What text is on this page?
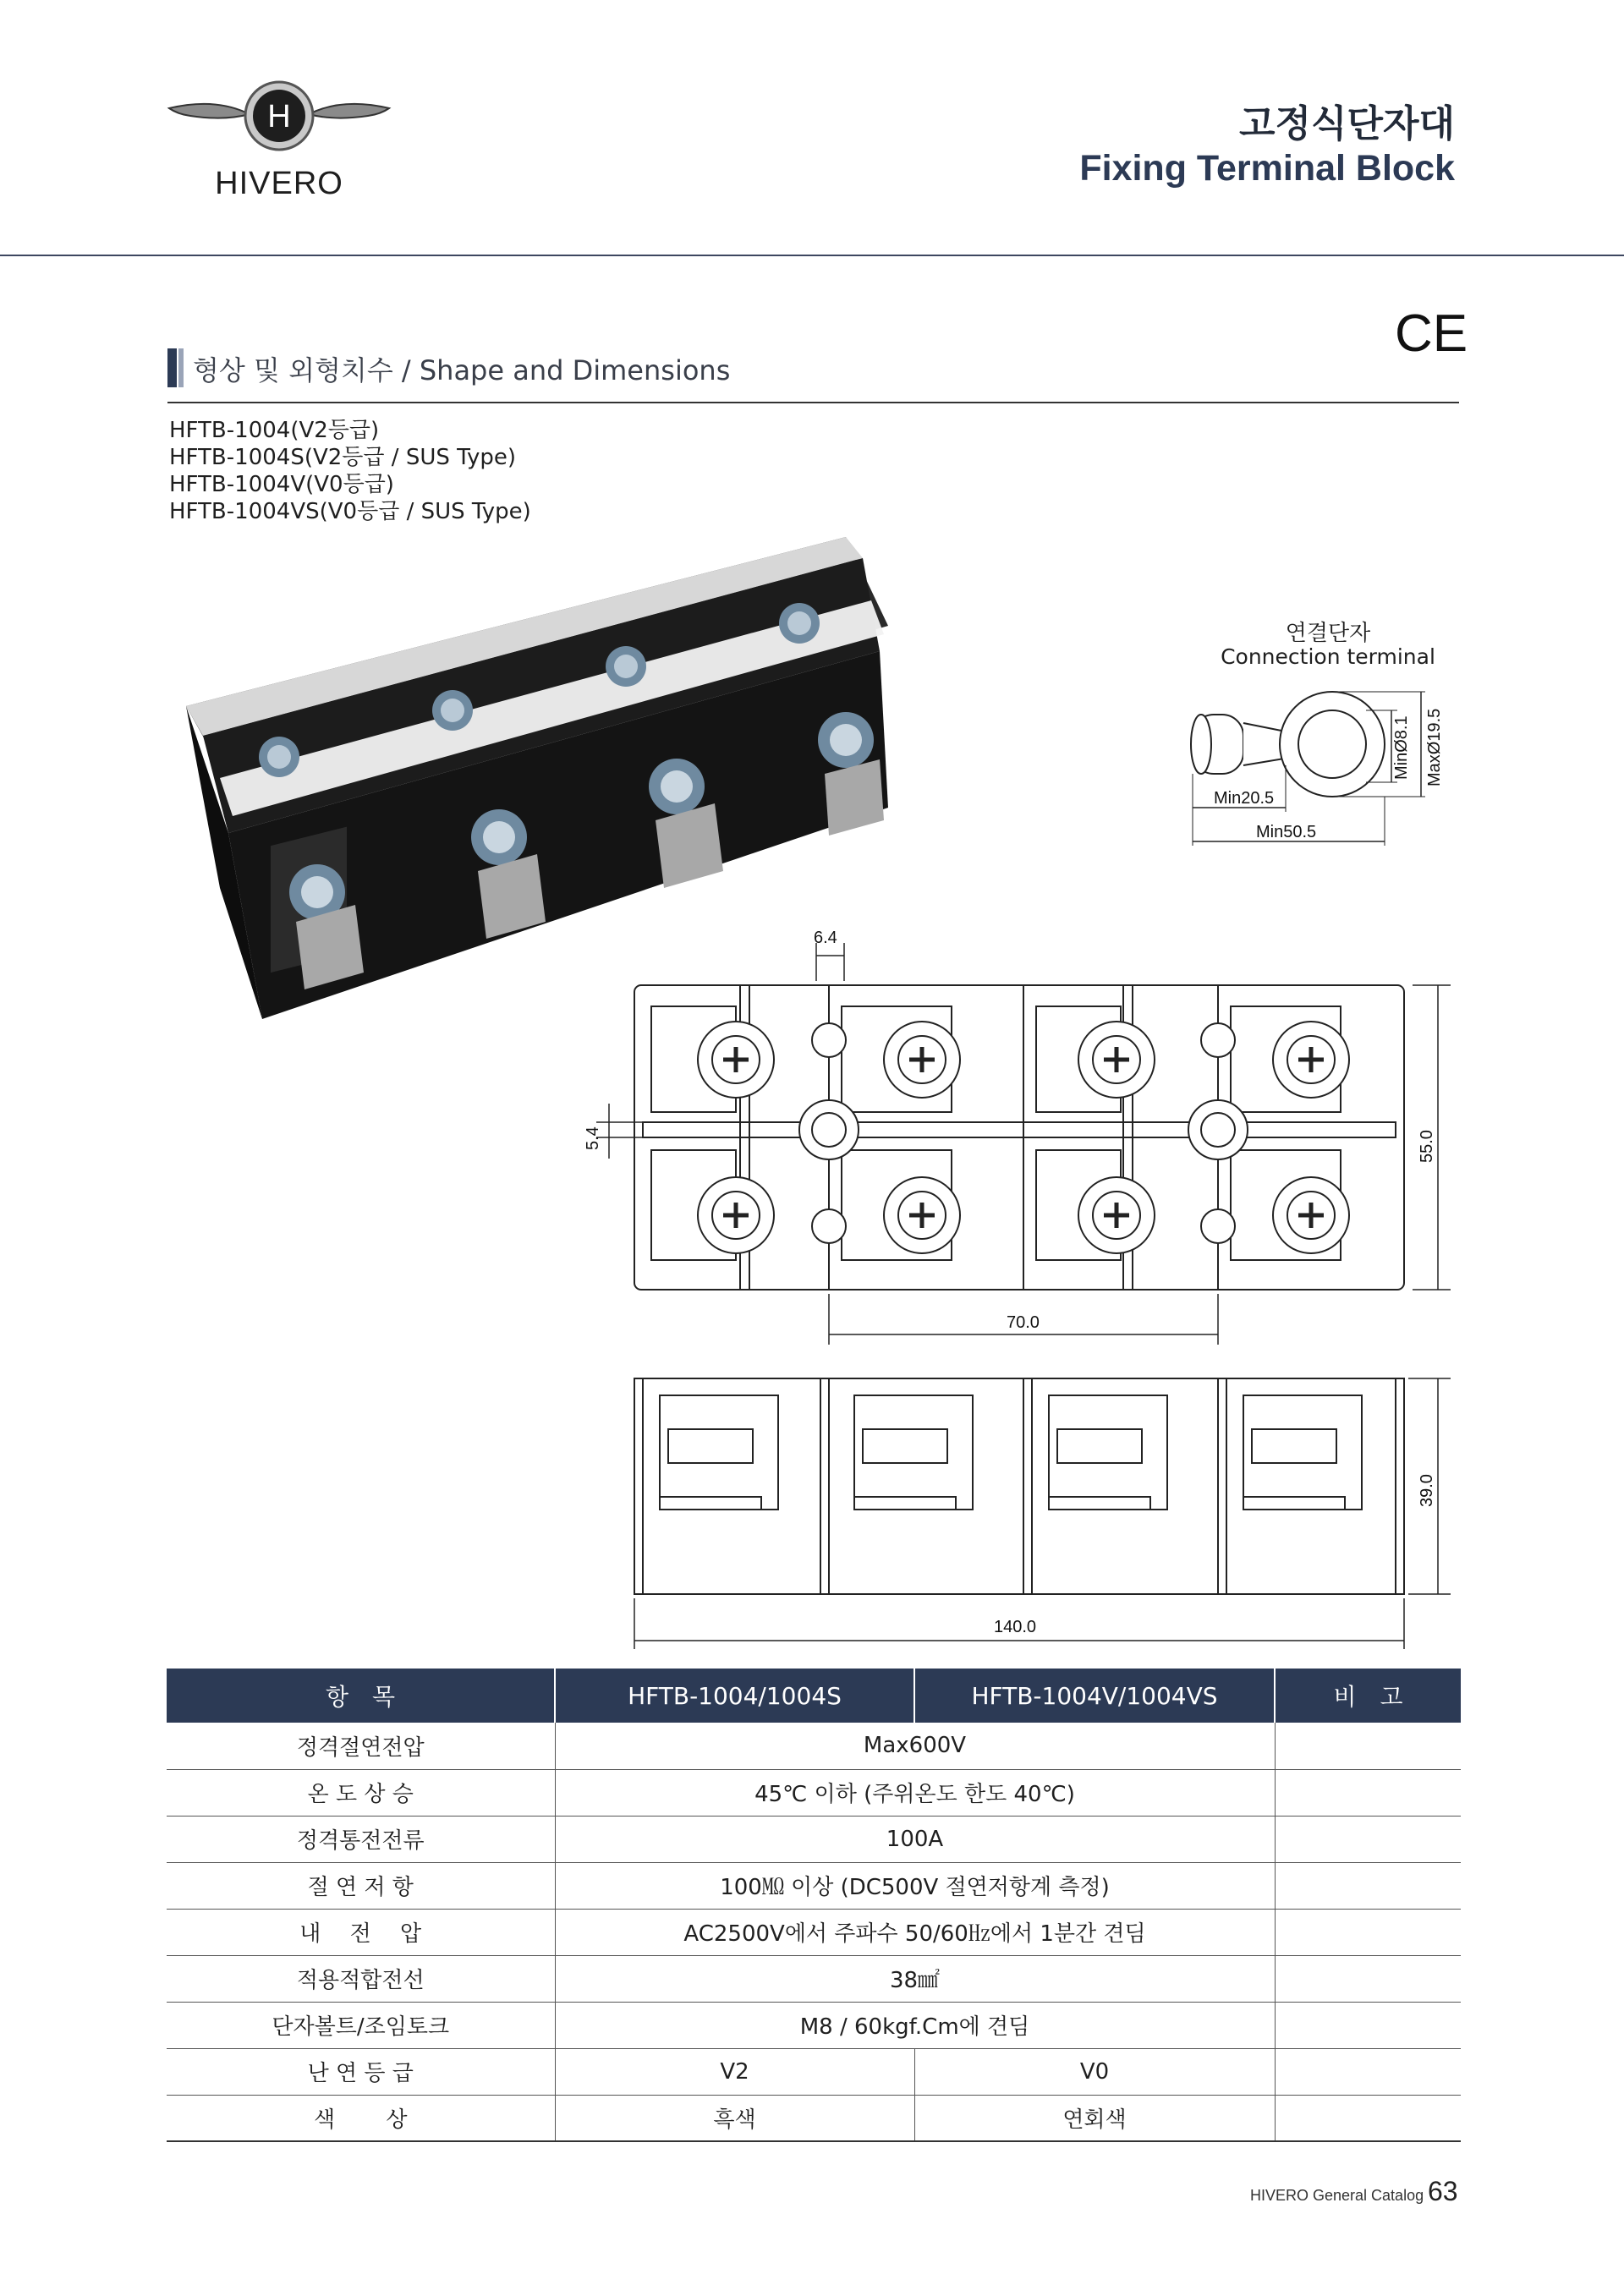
H
HIVERO
고정식단자대
Fixing Terminal Block
CE
형상 및 외형치수 / Shape and Dimensions
HFTB-1004(V2등급)
HFTB-1004S(V2등급 / SUS Type)
HFTB-1004V(V0등급)
HFTB-1004VS(V0등급 / SUS Type)
연결단자
Connection terminal
MinØ8.1 MaxØ19.5
Min20.5
Min50.5
6.4
5.4	55.0
70.0
39.0
140.0
항　목	HFTB-1004/1004S	HFTB-1004V/1004VS	비　고
정격절연전압	Max600V		
온 도 상 승	45℃ 이하 (주위온도 한도 40℃)		
정격통전전류	100A		
절 연 저 항	100㏁ 이상 (DC500V 절연저항계 측정)		
내　 전　 압	AC2500V에서 주파수 50/60㎐에서 1분간 견딤		
적용적합전선	38㎟		
단자볼트/조임토크	M8 / 60kgf.Cm에 견딤		
난 연 등 급	V2	V0	
색　　 상	흑색	연회색	
HIVERO General Catalog 63
